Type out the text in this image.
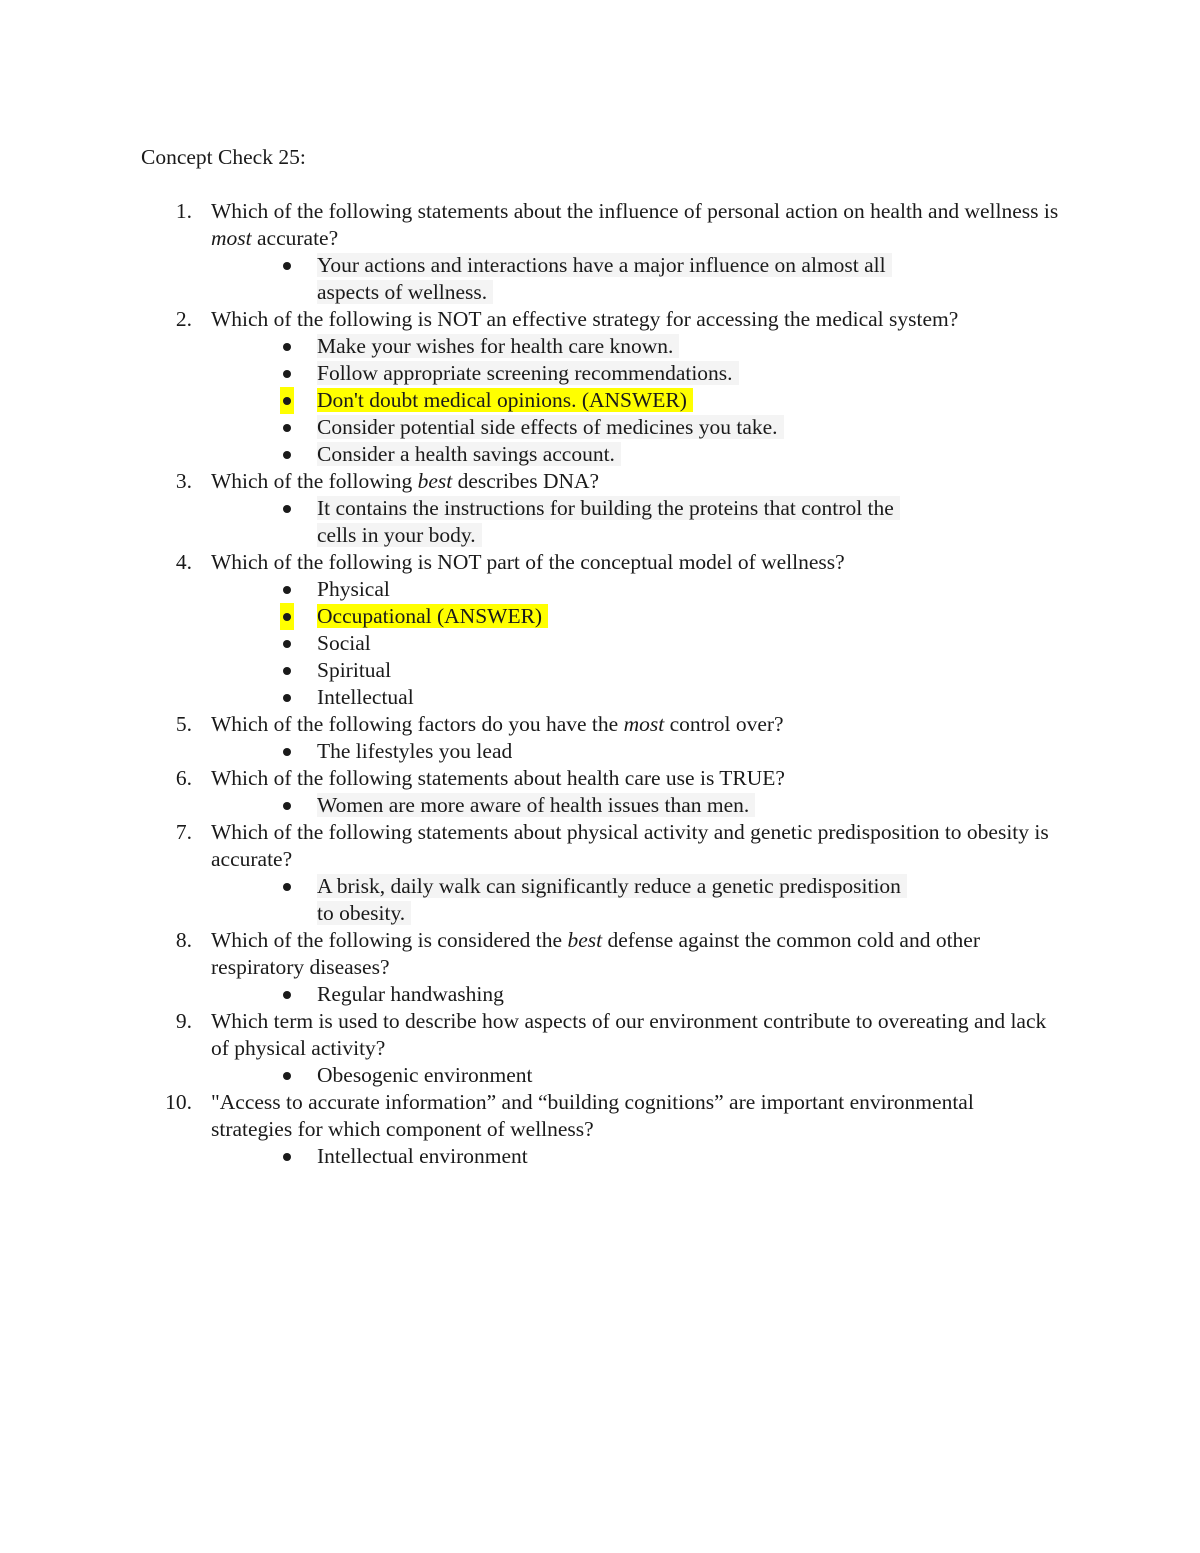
Concept Check 25:
1. Which of the following statements about the influence of personal action on health and wellness is most accurate?
Your actions and interactions have a major influence on almost all aspects of wellness.
2. Which of the following is NOT an effective strategy for accessing the medical system?
Make your wishes for health care known.
Follow appropriate screening recommendations.
Don't doubt medical opinions. (ANSWER)
Consider potential side effects of medicines you take.
Consider a health savings account.
3. Which of the following best describes DNA?
It contains the instructions for building the proteins that control the cells in your body.
4. Which of the following is NOT part of the conceptual model of wellness?
Physical
Occupational (ANSWER)
Social
Spiritual
Intellectual
5. Which of the following factors do you have the most control over?
The lifestyles you lead
6. Which of the following statements about health care use is TRUE?
Women are more aware of health issues than men.
7. Which of the following statements about physical activity and genetic predisposition to obesity is accurate?
A brisk, daily walk can significantly reduce a genetic predisposition to obesity.
8. Which of the following is considered the best defense against the common cold and other respiratory diseases?
Regular handwashing
9. Which term is used to describe how aspects of our environment contribute to overeating and lack of physical activity?
Obesogenic environment
10. "Access to accurate information” and “building cognitions” are important environmental strategies for which component of wellness?
Intellectual environment
